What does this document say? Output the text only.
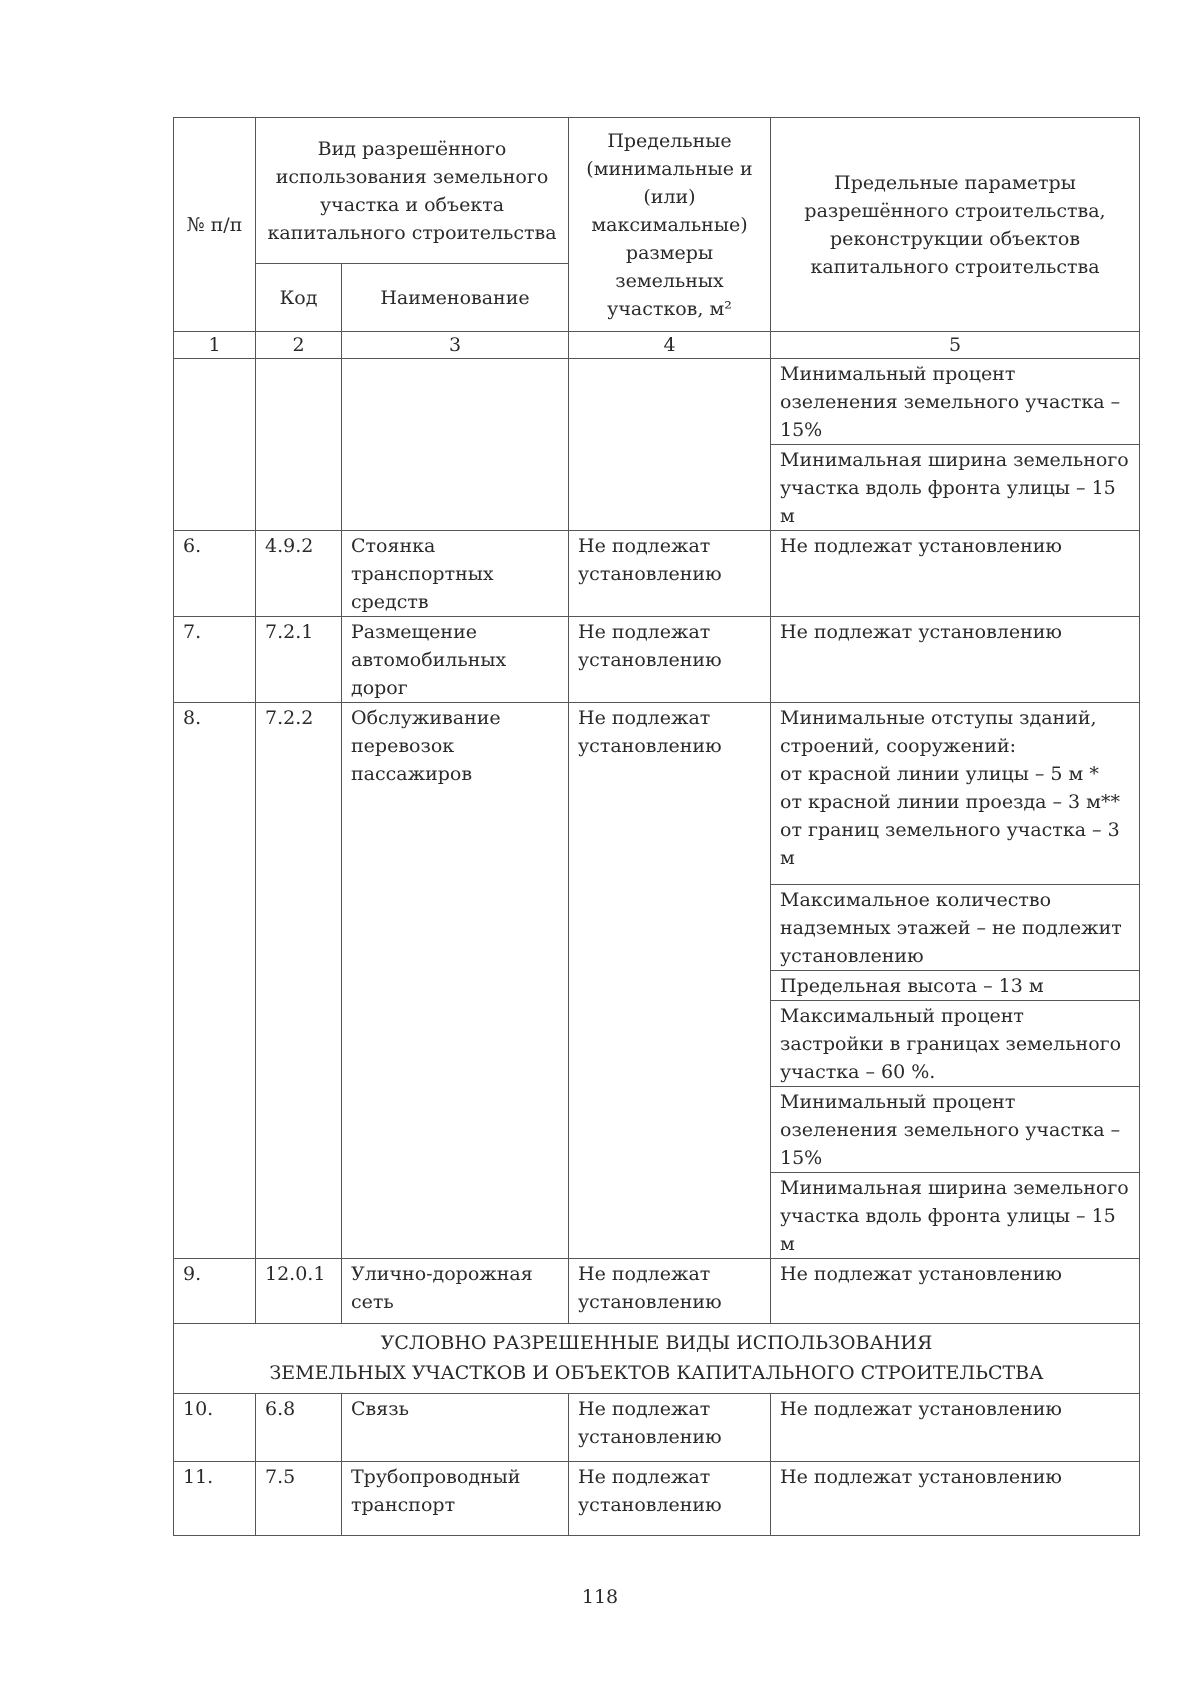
№ п/п	Вид разрешённого использования земельного участка и объекта капитального строительства		Предельные (минимальные и (или) максимальные) размеры земельных участков, м²	Предельные параметры разрешённого строительства, реконструкции объектов капитального строительства
	Код	Наименование		
1	2	3	4	5
				Минимальный процент озеленения земельного участка – 15%
				Минимальная ширина земельного участка вдоль фронта улицы – 15 м
6.	4.9.2	Стоянка транспортных средств	Не подлежат установлению	Не подлежат установлению
7.	7.2.1	Размещение автомобильных дорог	Не подлежат установлению	Не подлежат установлению
8.	7.2.2	Обслуживание перевозок пассажиров	Не подлежат установлению	Минимальные отступы зданий, строений, сооружений:
от красной линии улицы – 5 м *
от красной линии проезда – 3 м**
от границ земельного участка – 3 м
				Максимальное количество надземных этажей – не подлежит установлению
				Предельная высота – 13 м
				Максимальный процент застройки в границах земельного участка – 60 %.
				Минимальный процент озеленения земельного участка – 15%
				Минимальная ширина земельного участка вдоль фронта улицы – 15 м
9.	12.0.1	Улично-дорожная сеть	Не подлежат установлению	Не подлежат установлению
УСЛОВНО РАЗРЕШЕННЫЕ ВИДЫ ИСПОЛЬЗОВАНИЯ
ЗЕМЕЛЬНЫХ УЧАСТКОВ И ОБЪЕКТОВ КАПИТАЛЬНОГО СТРОИТЕЛЬСТВА				
10.	6.8	Связь	Не подлежат установлению	Не подлежат установлению
11.	7.5	Трубопроводный транспорт	Не подлежат установлению	Не подлежат установлению
118
